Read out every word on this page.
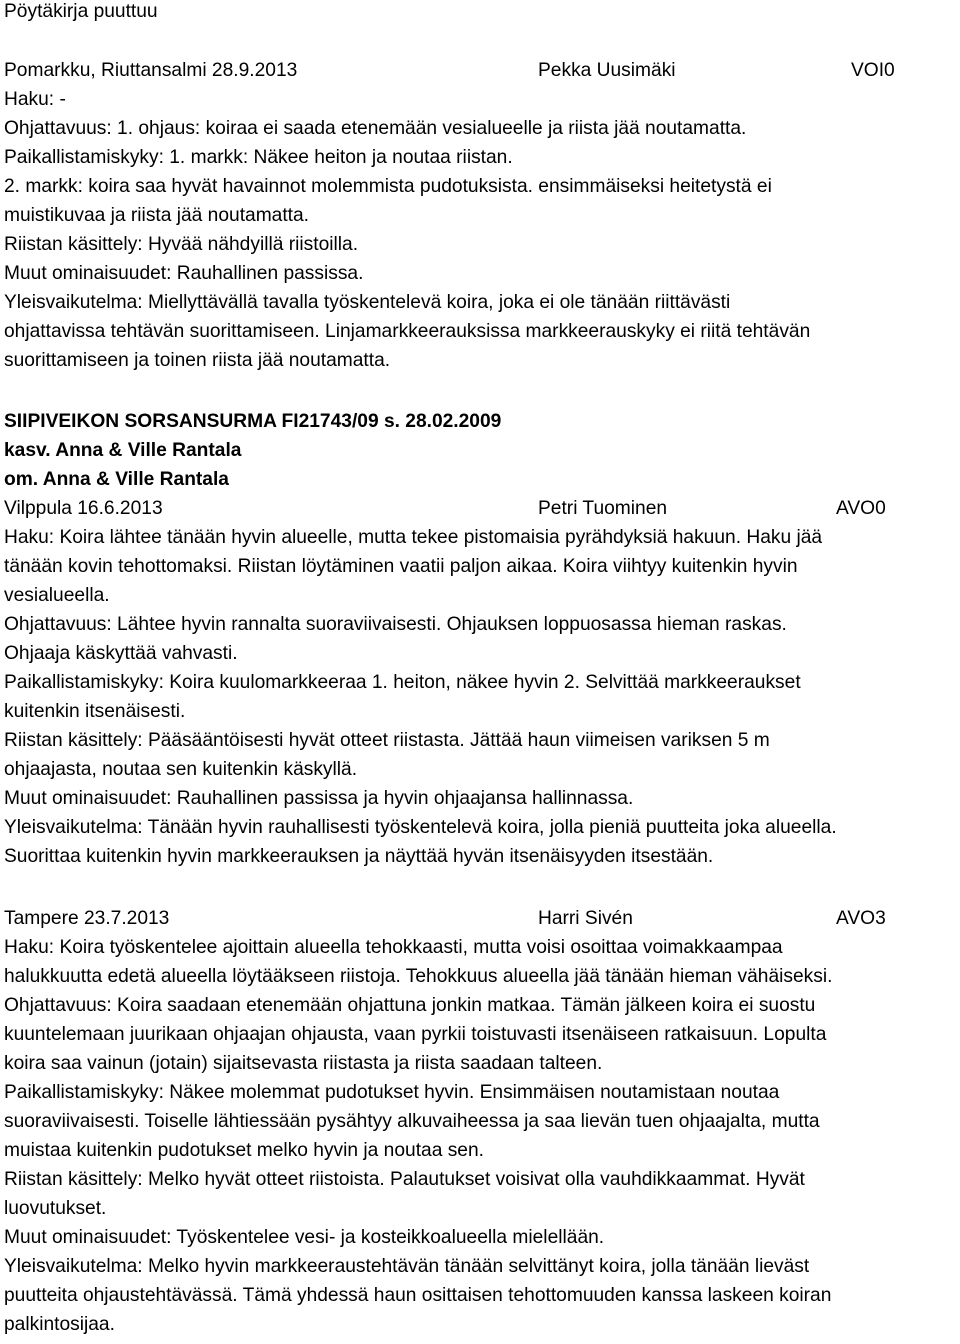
Pöytäkirja puuttuu
Pomarkku, Riuttansalmi 28.9.2013	Pekka Uusimäki	VOI0
Haku: -
Ohjattavuus: 1. ohjaus: koiraa ei saada etenemään vesialueelle ja riista jää noutamatta.
Paikallistamiskyky: 1. markk: Näkee heiton ja noutaa riistan.
2. markk: koira saa hyvät havainnot molemmista pudotuksista. ensimmäiseksi heitetystä ei
muistikuvaa ja riista jää noutamatta.
Riistan käsittely: Hyvää nähdyillä riistoilla.
Muut ominaisuudet: Rauhallinen passissa.
Yleisvaikutelma: Miellyttävällä tavalla työskentelevä koira, joka ei ole tänään riittävästi
ohjattavissa tehtävän suorittamiseen. Linjamarkkeerauksissa markkeerauskyky ei riitä tehtävän
suorittamiseen ja toinen riista jää noutamatta.
SIIPIVEIKON SORSANSURMA FI21743/09 s. 28.02.2009
kasv. Anna & Ville Rantala
om. Anna & Ville Rantala
Vilppula 16.6.2013	Petri Tuominen	AVO0
Haku: Koira lähtee tänään hyvin alueelle, mutta tekee pistomaisia pyrähdyksiä hakuun. Haku jää
tänään kovin tehottomaksi. Riistan löytäminen vaatii paljon aikaa. Koira viihtyy kuitenkin hyvin
vesialueella.
Ohjattavuus: Lähtee hyvin rannalta suoraviivaisesti. Ohjauksen loppuosassa hieman raskas.
Ohjaaja käskyttää vahvasti.
Paikallistamiskyky: Koira kuulomarkkeeraa 1. heiton, näkee hyvin 2. Selvittää markkeeraukset
kuitenkin itsenäisesti.
Riistan käsittely: Pääsääntöisesti hyvät otteet riistasta. Jättää haun viimeisen variksen 5 m
ohjaajasta, noutaa sen kuitenkin käskyllä.
Muut ominaisuudet: Rauhallinen passissa ja hyvin ohjaajansa hallinnassa.
Yleisvaikutelma: Tänään hyvin rauhallisesti työskentelevä koira, jolla pieniä puutteita joka alueella.
Suorittaa kuitenkin hyvin markkeerauksen ja näyttää hyvän itsenäisyyden itsestään.
Tampere 23.7.2013	Harri Sivén	AVO3
Haku: Koira työskentelee ajoittain alueella tehokkaasti, mutta voisi osoittaa voimakkaampaa
halukkuutta edetä alueella löytääkseen riistoja. Tehokkuus alueella jää tänään hieman vähäiseksi.
Ohjattavuus: Koira saadaan etenemään ohjattuna jonkin matkaa. Tämän jälkeen koira ei suostu
kuuntelemaan juurikaan ohjaajan ohjausta, vaan pyrkii toistuvasti itsenäiseen ratkaisuun. Lopulta
koira saa vainun (jotain) sijaitsevasta riistasta ja riista saadaan talteen.
Paikallistamiskyky: Näkee molemmat pudotukset hyvin. Ensimmäisen noutamistaan noutaa
suoraviivaisesti. Toiselle lähtiessään pysähtyy alkuvaiheessa ja saa lievän tuen ohjaajalta, mutta
muistaa kuitenkin pudotukset melko hyvin ja noutaa sen.
Riistan käsittely: Melko hyvät otteet riistoista. Palautukset voisivat olla vauhdikkaammat. Hyvät
luovutukset.
Muut ominaisuudet: Työskentelee vesi- ja kosteikkoalueella mielellään.
Yleisvaikutelma: Melko hyvin markkeeraustehtävän tänään selvittänyt koira, jolla tänään lieväst
puutteita ohjaustehtävässä. Tämä yhdessä haun osittaisen tehottomuuden kanssa laskeen koiran
palkintosijaa.
